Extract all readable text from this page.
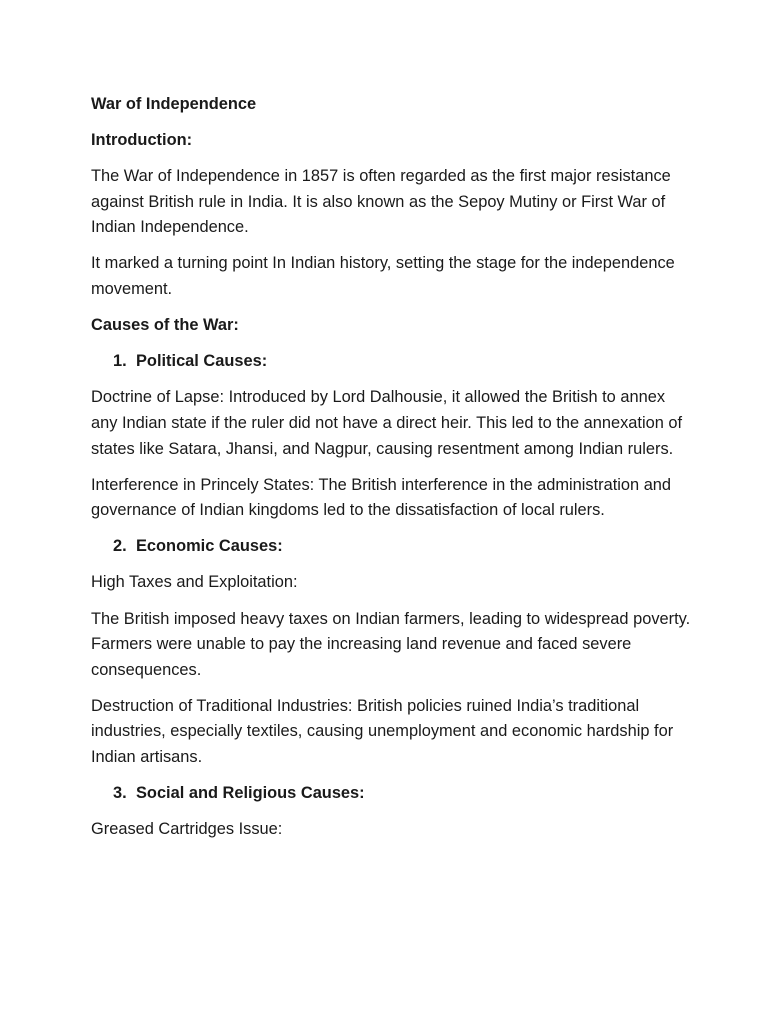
War of Independence

Introduction:

The War of Independence in 1857 is often regarded as the first major resistance against British rule in India. It is also known as the Sepoy Mutiny or First War of Indian Independence.

It marked a turning point In Indian history, setting the stage for the independence movement.

Causes of the War:

1. Political Causes:

Doctrine of Lapse: Introduced by Lord Dalhousie, it allowed the British to annex any Indian state if the ruler did not have a direct heir. This led to the annexation of states like Satara, Jhansi, and Nagpur, causing resentment among Indian rulers.

Interference in Princely States: The British interference in the administration and governance of Indian kingdoms led to the dissatisfaction of local rulers.

2. Economic Causes:

High Taxes and Exploitation:

The British imposed heavy taxes on Indian farmers, leading to widespread poverty. Farmers were unable to pay the increasing land revenue and faced severe consequences.

Destruction of Traditional Industries: British policies ruined India’s traditional industries, especially textiles, causing unemployment and economic hardship for Indian artisans.

3. Social and Religious Causes:

Greased Cartridges Issue:
